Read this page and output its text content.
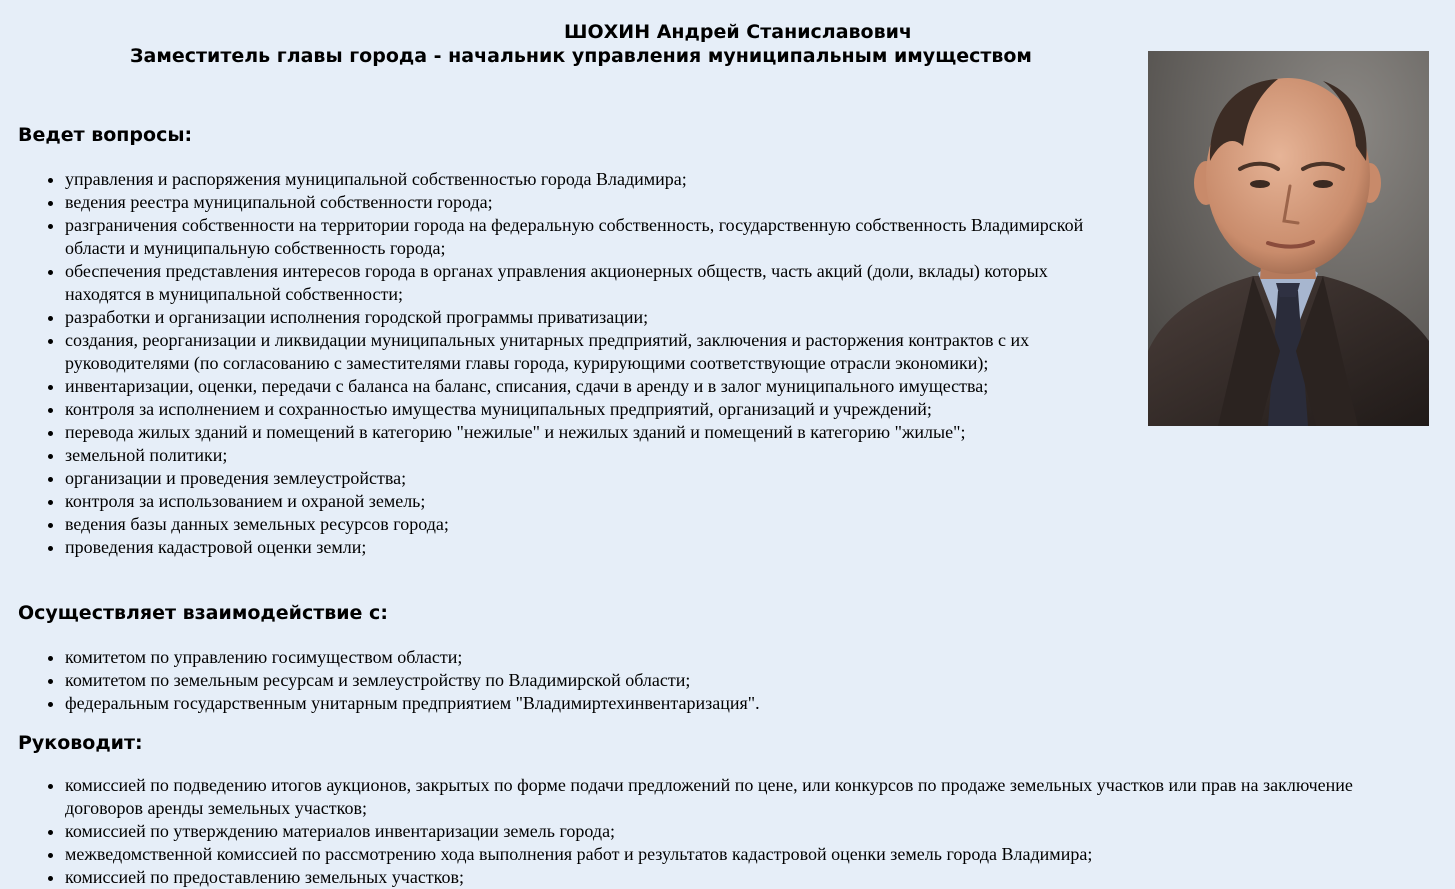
ШОХИН Андрей Станиславович
Заместитель главы города - начальник управления муниципальным имуществом
Ведет вопросы:
• управления и распоряжения муниципальной собственностью города Владимира;
• ведения реестра муниципальной собственности города;
• разграничения собственности на территории города на федеральную собственность, государственную собственность Владимирской области и муниципальную собственность города;
• обеспечения представления интересов города в органах управления акционерных обществ, часть акций (доли, вклады) которых находятся в муниципальной собственности;
• разработки и организации исполнения городской программы приватизации;
• создания, реорганизации и ликвидации муниципальных унитарных предприятий, заключения и расторжения контрактов с их руководителями (по согласованию с заместителями главы города, курирующими соответствующие отрасли экономики);
• инвентаризации, оценки, передачи с баланса на баланс, списания, сдачи в аренду и в залог муниципального имущества;
• контроля за исполнением и сохранностью имущества муниципальных предприятий, организаций и учреждений;
• перевода жилых зданий и помещений в категорию "нежилые" и нежилых зданий и помещений в категорию "жилые";
• земельной политики;
• организации и проведения землеустройства;
• контроля за использованием и охраной земель;
• ведения базы данных земельных ресурсов города;
• проведения кадастровой оценки земли;
Осуществляет взаимодействие с:
• комитетом по управлению госимуществом области;
• комитетом по земельным ресурсам и землеустройству по Владимирской области;
• федеральным государственным унитарным предприятием "Владимиртехинвентаризация".
Руководит:
• комиссией по подведению итогов аукционов, закрытых по форме подачи предложений по цене, или конкурсов по продаже земельных участков или прав на заключение договоров аренды земельных участков;
• комиссией по утверждению материалов инвентаризации земель города;
• межведомственной комиссией по рассмотрению хода выполнения работ и результатов кадастровой оценки земель города Владимира;
• комиссией по предоставлению земельных участков;
